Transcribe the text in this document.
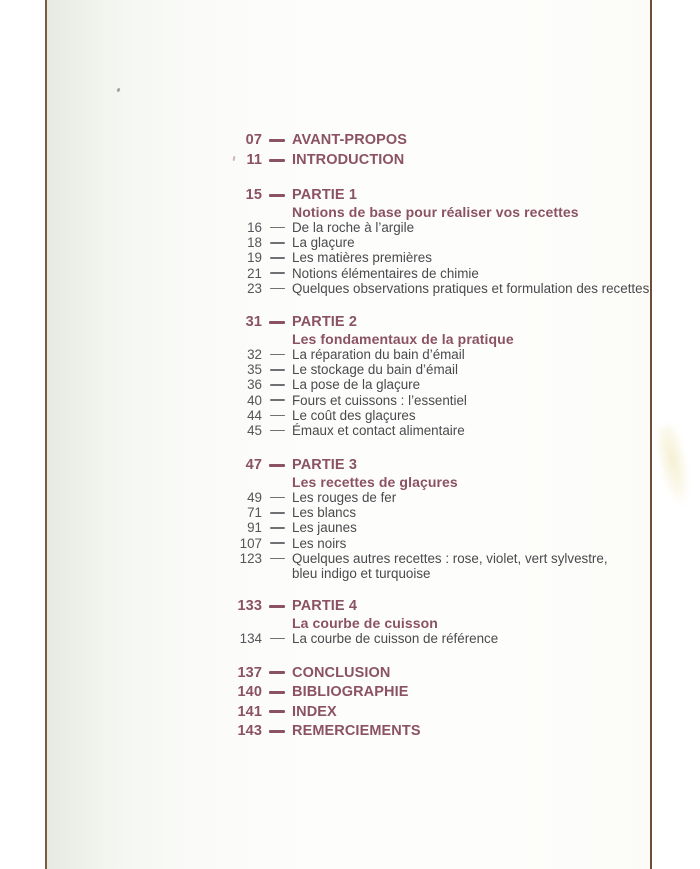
07 AVANT-PROPOS
11 INTRODUCTION
15 PARTIE 1
Notions de base pour réaliser vos recettes
16 De la roche à l’argile
18 La glaçure
19 Les matières premières
21 Notions élémentaires de chimie
23 Quelques observations pratiques et formulation des recettes
31 PARTIE 2
Les fondamentaux de la pratique
32 La réparation du bain d’émail
35 Le stockage du bain d’émail
36 La pose de la glaçure
40 Fours et cuissons : l’essentiel
44 Le coût des glaçures
45 Émaux et contact alimentaire
47 PARTIE 3
Les recettes de glaçures
49 Les rouges de fer
71 Les blancs
91 Les jaunes
107 Les noirs
123 Quelques autres recettes : rose, violet, vert sylvestre,
bleu indigo et turquoise
133 PARTIE 4
La courbe de cuisson
134 La courbe de cuisson de référence
137 CONCLUSION
140 BIBLIOGRAPHIE
141 INDEX
143 REMERCIEMENTS
